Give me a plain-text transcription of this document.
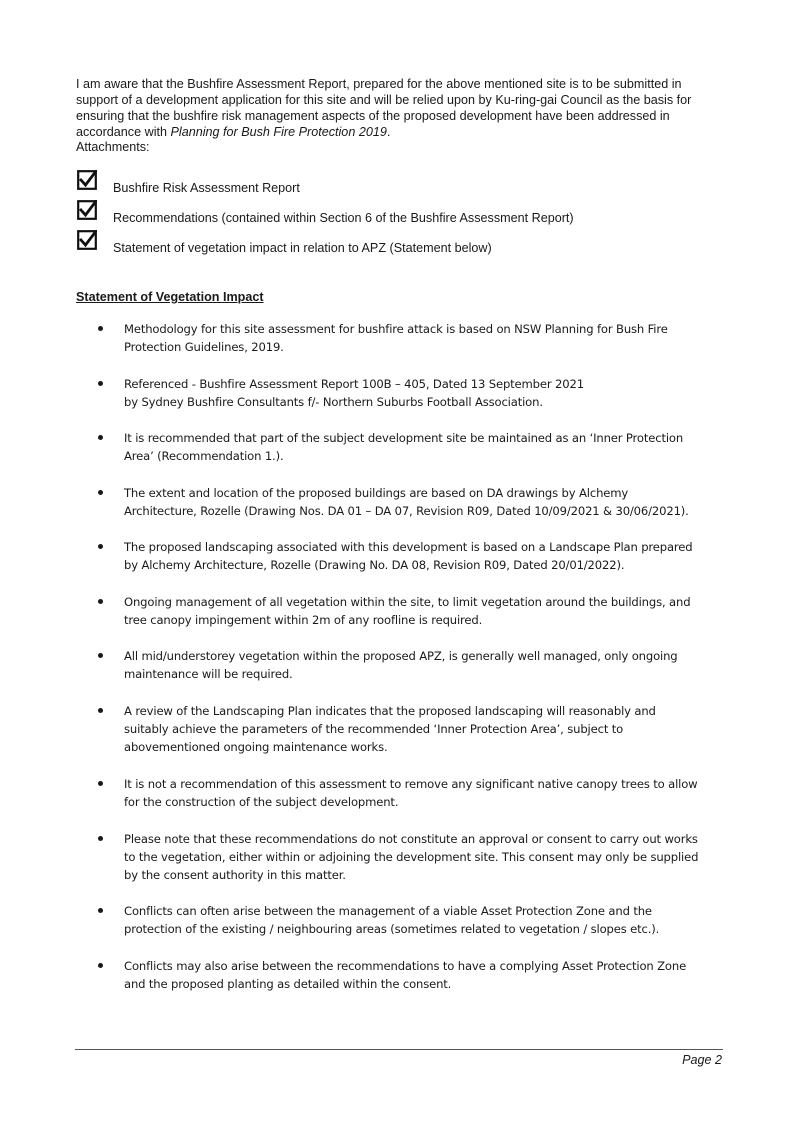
I am aware that the Bushfire Assessment Report, prepared for the above mentioned site is to be submitted in support of a development application for this site and will be relied upon by Ku-ring-gai Council as the basis for ensuring that the bushfire risk management aspects of the proposed development have been addressed in accordance with Planning for Bush Fire Protection 2019.

Attachments:

Bushfire Risk Assessment Report
Recommendations (contained within Section 6 of the Bushfire Assessment Report)
Statement of vegetation impact in relation to APZ (Statement below)
Statement of Vegetation Impact

Methodology for this site assessment for bushfire attack is based on NSW Planning for Bush Fire
Protection Guidelines, 2019.

Referenced - Bushfire Assessment Report 100B – 405, Dated 13 September 2021
by Sydney Bushfire Consultants f/- Northern Suburbs Football Association.

It is recommended that part of the subject development site be maintained as an ‘Inner Protection
Area’ (Recommendation 1.).

The extent and location of the proposed buildings are based on DA drawings by Alchemy
Architecture, Rozelle (Drawing Nos. DA 01 – DA 07, Revision R09, Dated 10/09/2021 & 30/06/2021).

The proposed landscaping associated with this development is based on a Landscape Plan prepared
by Alchemy Architecture, Rozelle (Drawing No. DA 08, Revision R09, Dated 20/01/2022).

Ongoing management of all vegetation within the site, to limit vegetation around the buildings, and
tree canopy impingement within 2m of any roofline is required.

All mid/understorey vegetation within the proposed APZ, is generally well managed, only ongoing
maintenance will be required.

A review of the Landscaping Plan indicates that the proposed landscaping will reasonably and
suitably achieve the parameters of the recommended ‘Inner Protection Area’, subject to
abovementioned ongoing maintenance works.

It is not a recommendation of this assessment to remove any significant native canopy trees to allow
for the construction of the subject development.

Please note that these recommendations do not constitute an approval or consent to carry out works
to the vegetation, either within or adjoining the development site. This consent may only be supplied
by the consent authority in this matter.

Conflicts can often arise between the management of a viable Asset Protection Zone and the
protection of the existing / neighbouring areas (sometimes related to vegetation / slopes etc.).

Conflicts may also arise between the recommendations to have a complying Asset Protection Zone
and the proposed planting as detailed within the consent.

Page 2
